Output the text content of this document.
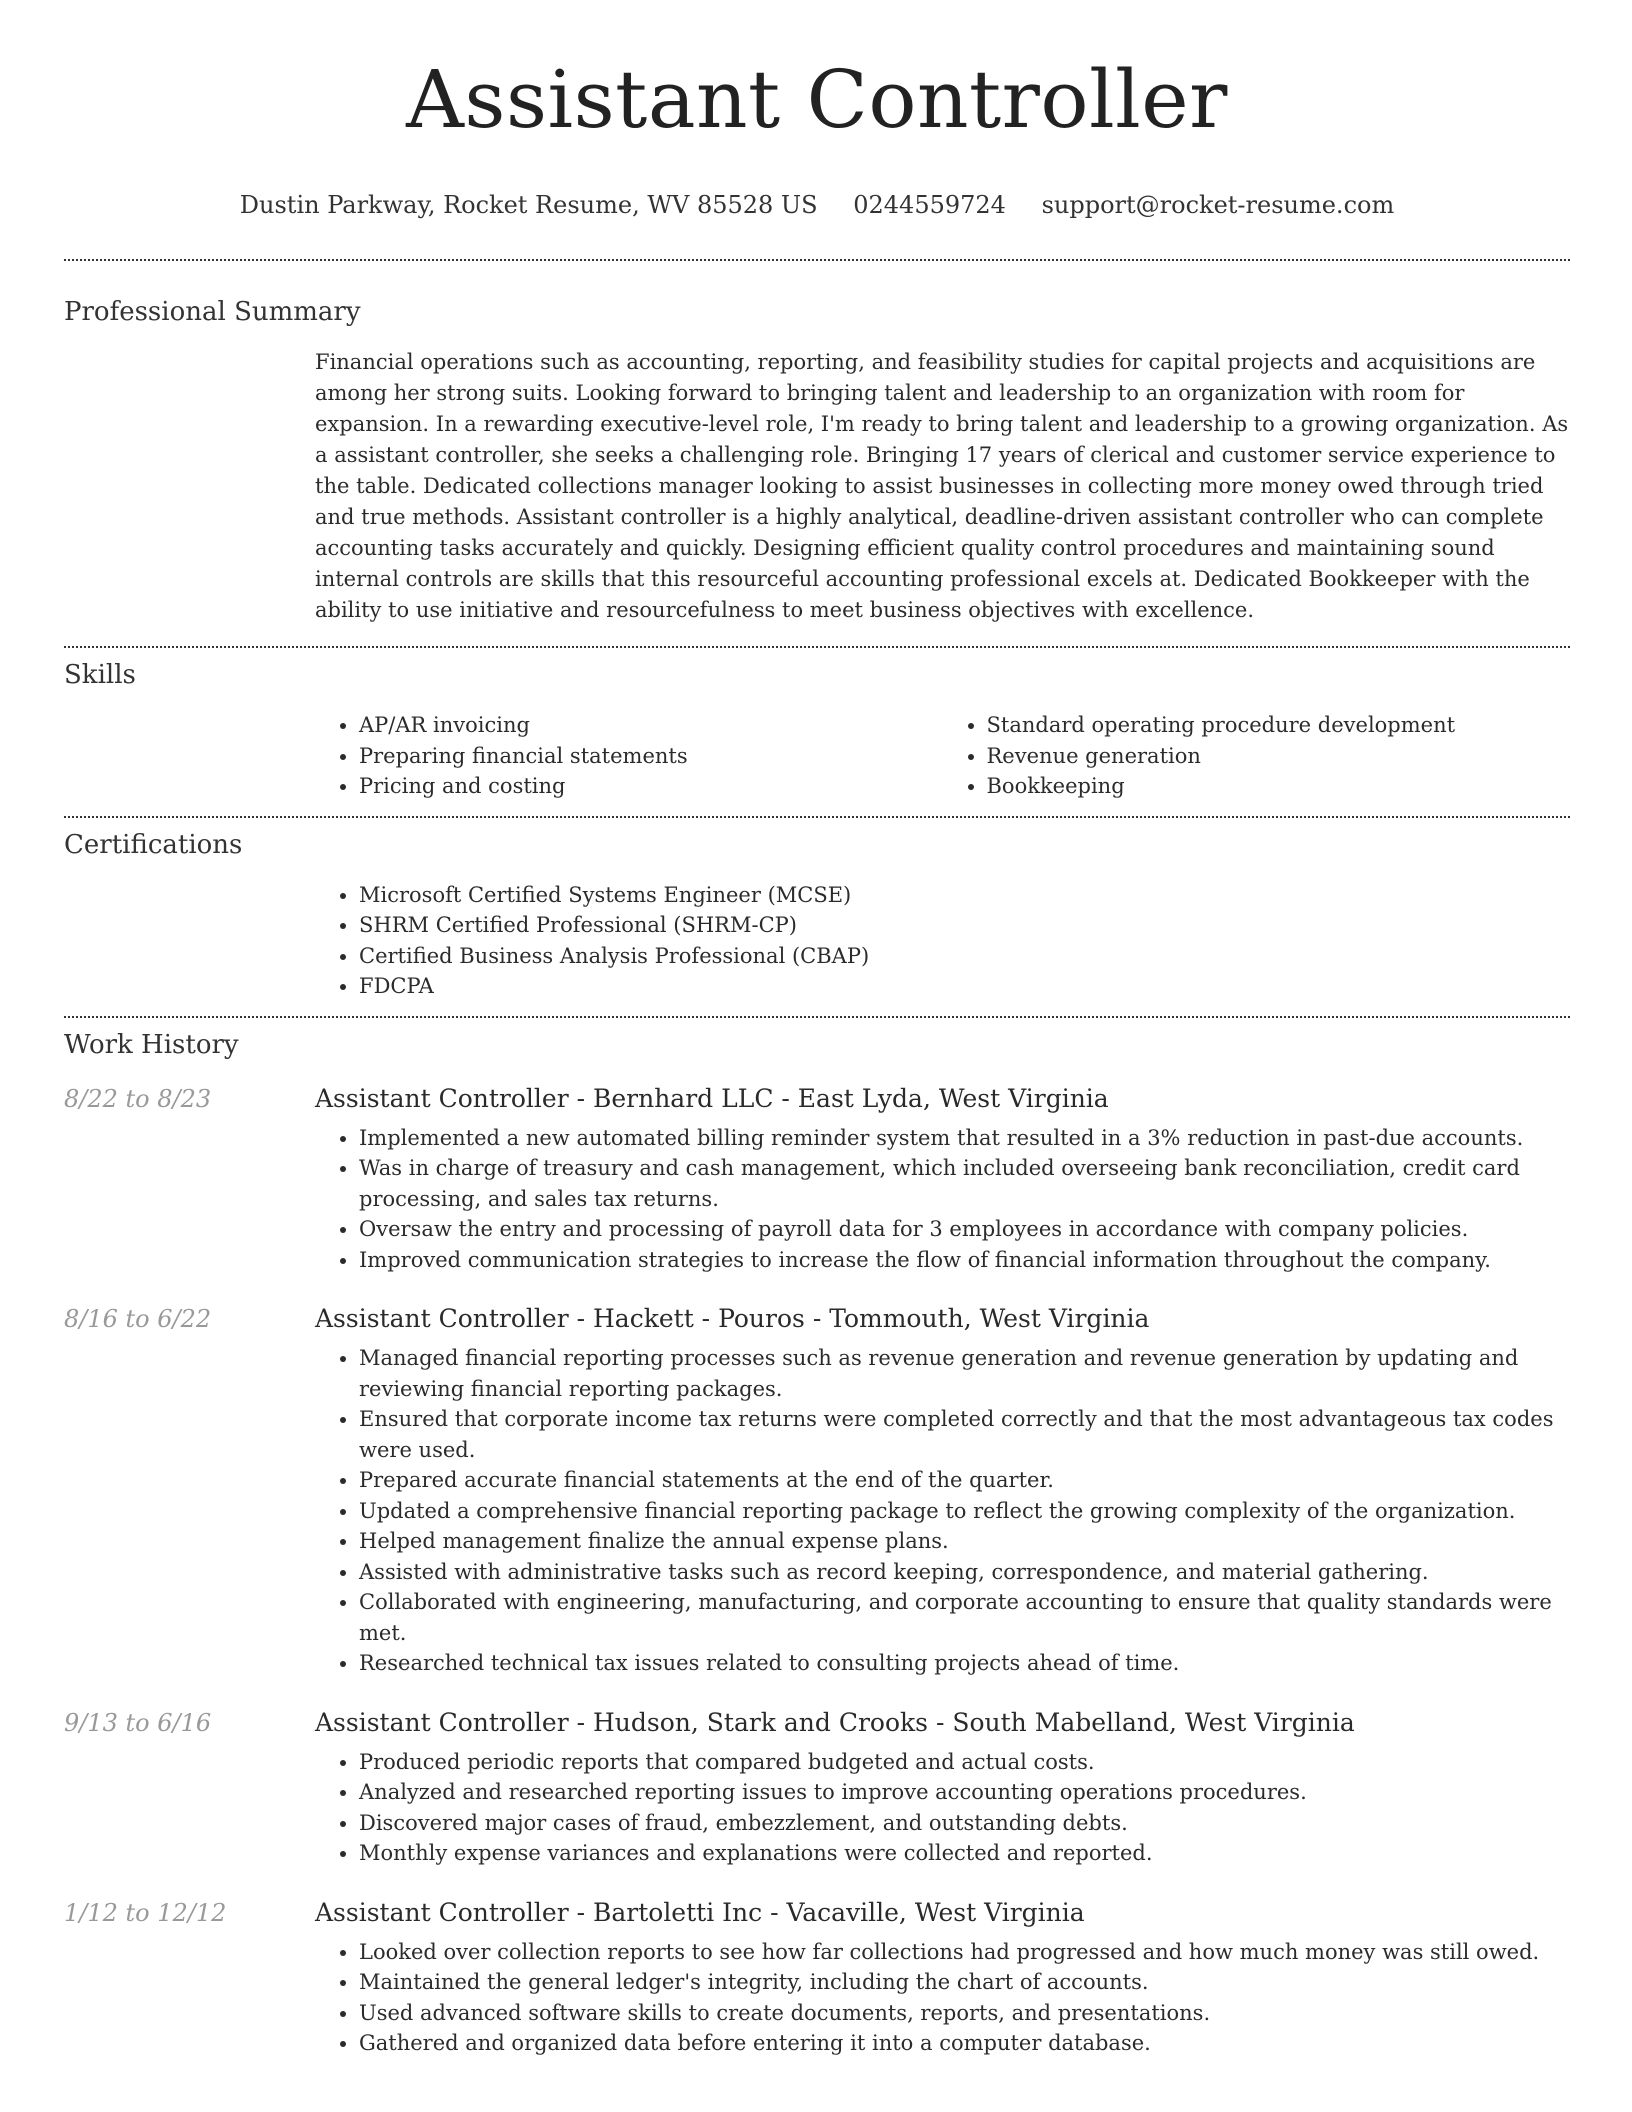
Assistant Controller
Dustin Parkway, Rocket Resume, WV 85528 US 0244559724 support@rocket-resume.com
Professional Summary

Financial operations such as accounting, reporting, and feasibility studies for capital projects and acquisitions are among her strong suits. Looking forward to bringing talent and leadership to an organization with room for expansion. In a rewarding executive-level role, I'm ready to bring talent and leadership to a growing organization. As a assistant controller, she seeks a challenging role. Bringing 17 years of clerical and customer service experience to the table. Dedicated collections manager looking to assist businesses in collecting more money owed through tried and true methods. Assistant controller is a highly analytical, deadline-driven assistant controller who can complete accounting tasks accurately and quickly. Designing efficient quality control procedures and maintaining sound internal controls are skills that this resourceful accounting professional excels at. Dedicated Bookkeeper with the ability to use initiative and resourcefulness to meet business objectives with excellence.

Skills
• AP/AR invoicing
• Preparing financial statements
• Pricing and costing
• Standard operating procedure development
• Revenue generation
• Bookkeeping
Certifications
• Microsoft Certified Systems Engineer (MCSE)
• SHRM Certified Professional (SHRM-CP)
• Certified Business Analysis Professional (CBAP)
• FDCPA
Work History
8/22 to 8/23	Assistant Controller - Bernhard LLC - East Lyda, West Virginia
• Implemented a new automated billing reminder system that resulted in a 3% reduction in past-due accounts.
• Was in charge of treasury and cash management, which included overseeing bank reconciliation, credit card processing, and sales tax returns.
• Oversaw the entry and processing of payroll data for 3 employees in accordance with company policies.
• Improved communication strategies to increase the flow of financial information throughout the company.
8/16 to 6/22	Assistant Controller - Hackett - Pouros - Tommouth, West Virginia
• Managed financial reporting processes such as revenue generation and revenue generation by updating and reviewing financial reporting packages.
• Ensured that corporate income tax returns were completed correctly and that the most advantageous tax codes were used.
• Prepared accurate financial statements at the end of the quarter.
• Updated a comprehensive financial reporting package to reflect the growing complexity of the organization.
• Helped management finalize the annual expense plans.
• Assisted with administrative tasks such as record keeping, correspondence, and material gathering.
• Collaborated with engineering, manufacturing, and corporate accounting to ensure that quality standards were met.
• Researched technical tax issues related to consulting projects ahead of time.
9/13 to 6/16	Assistant Controller - Hudson, Stark and Crooks - South Mabelland, West Virginia
• Produced periodic reports that compared budgeted and actual costs.
• Analyzed and researched reporting issues to improve accounting operations procedures.
• Discovered major cases of fraud, embezzlement, and outstanding debts.
• Monthly expense variances and explanations were collected and reported.
1/12 to 12/12	Assistant Controller - Bartoletti Inc - Vacaville, West Virginia
• Looked over collection reports to see how far collections had progressed and how much money was still owed.
• Maintained the general ledger's integrity, including the chart of accounts.
• Used advanced software skills to create documents, reports, and presentations.
• Gathered and organized data before entering it into a computer database.
